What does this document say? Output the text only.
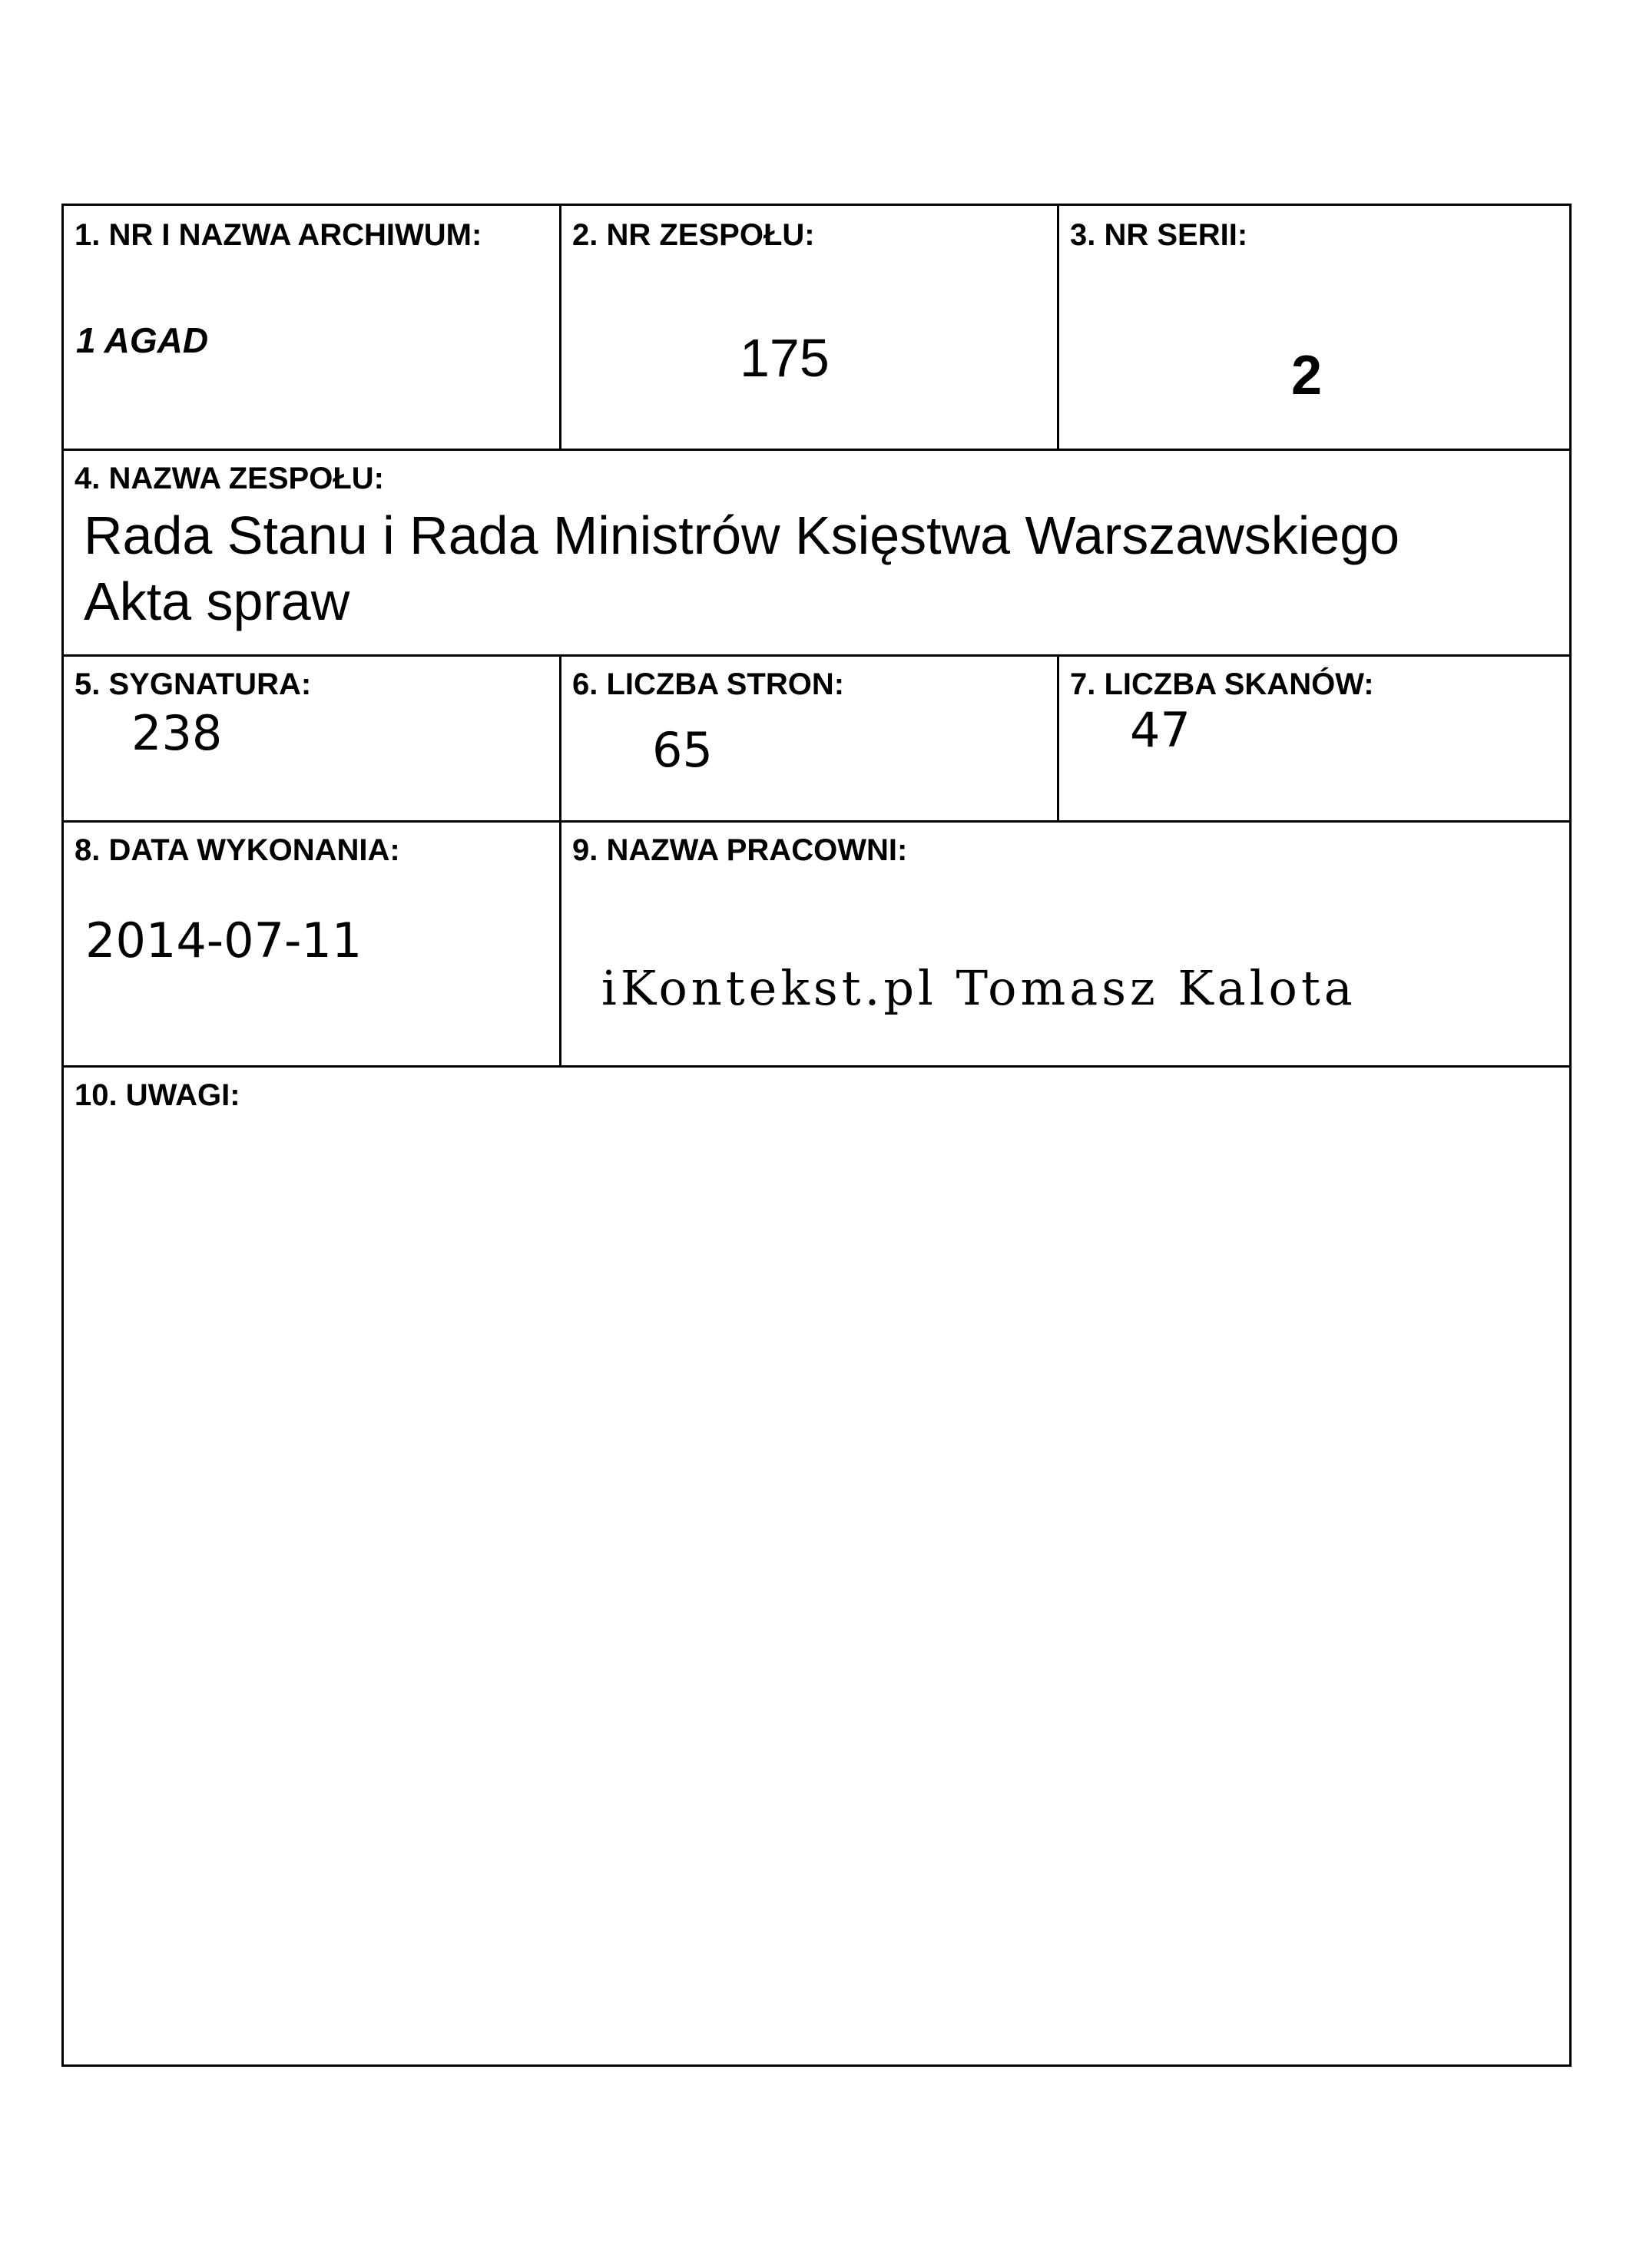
1. NR I NAZWA ARCHIWUM:
1 AGAD
2. NR ZESPOŁU:
175
3. NR SERII:
2
4. NAZWA ZESPOŁU:
Rada Stanu i Rada Ministrów Księstwa Warszawskiego
Akta spraw
5. SYGNATURA:
238
6. LICZBA STRON:
65
7. LICZBA SKANÓW:
47
8. DATA WYKONANIA:
2014-07-11
9. NAZWA PRACOWNI:
iKontekst.pl Tomasz Kalota
10. UWAGI:
